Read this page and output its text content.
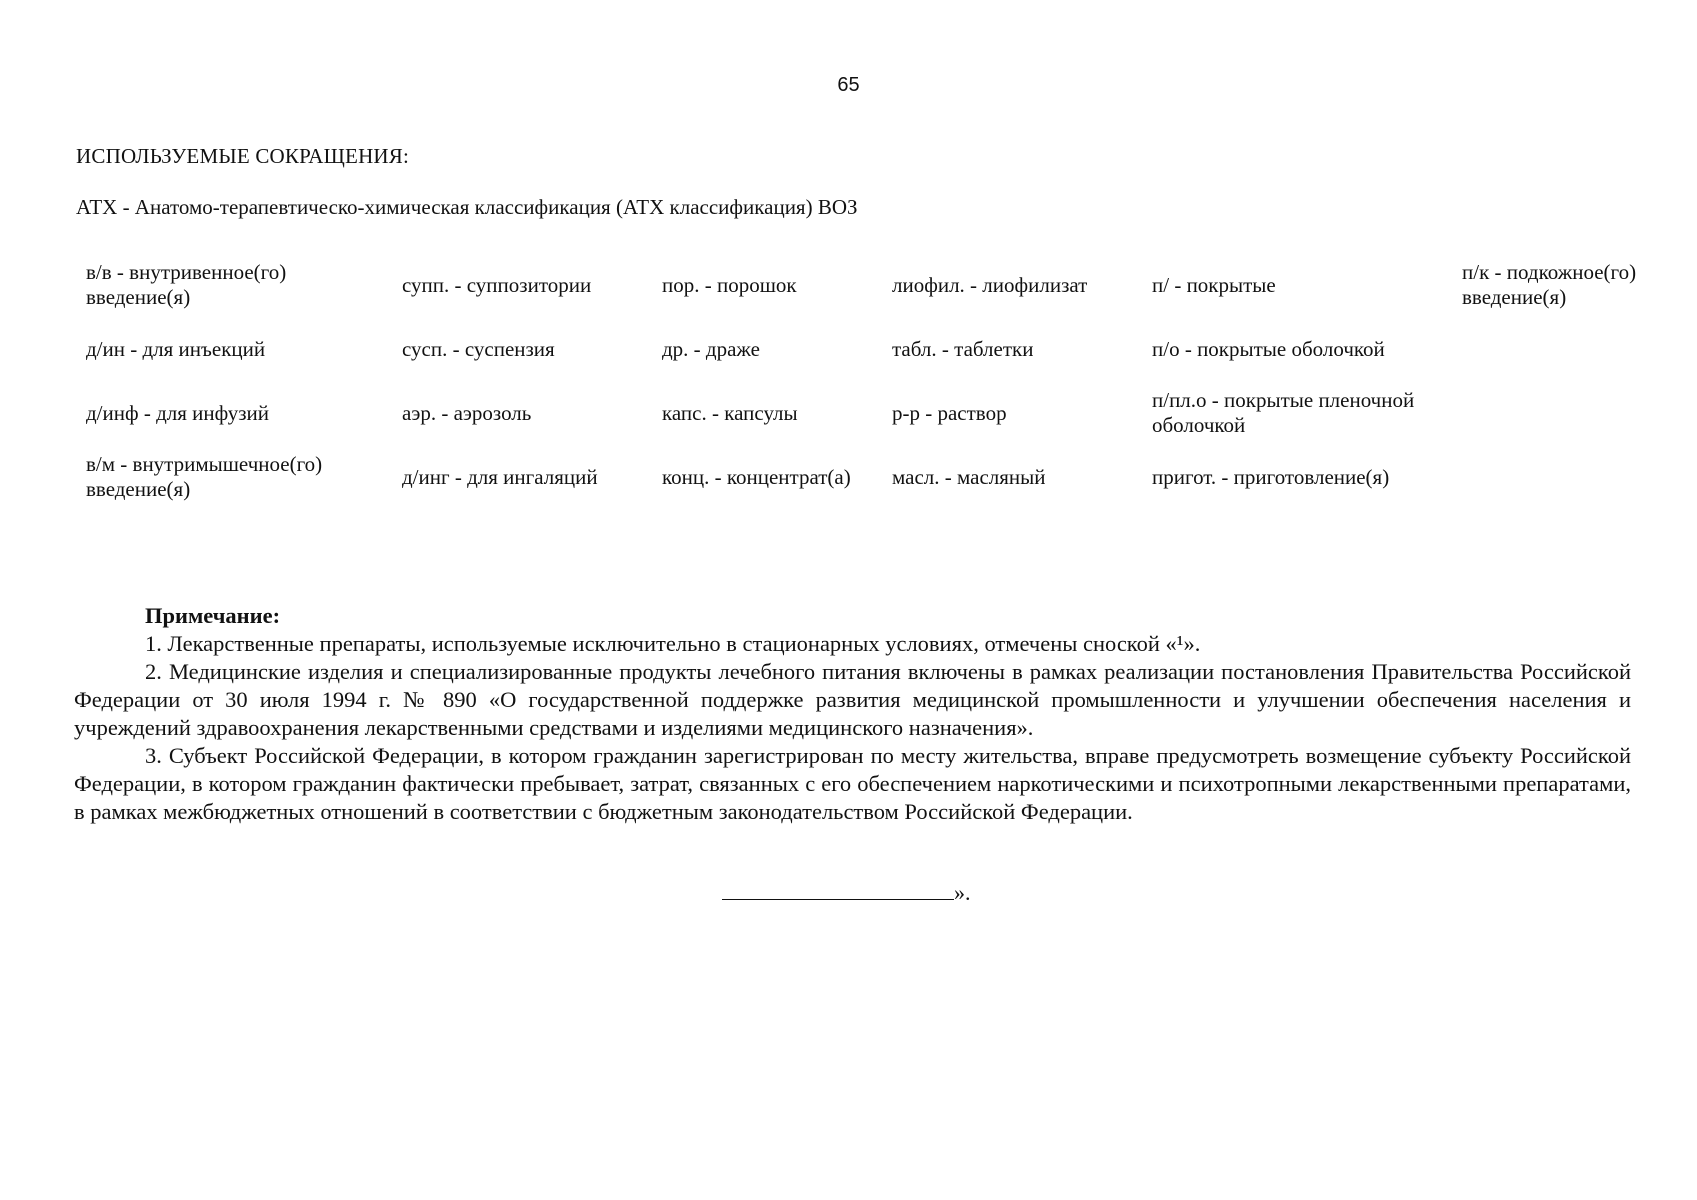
65
ИСПОЛЬЗУЕМЫЕ СОКРАЩЕНИЯ:
АТХ - Анатомо-терапевтическо-химическая классификация (АТХ классификация) ВОЗ
в/в - внутривенное(го) введение(я)	супп. - суппозитории	пор. - порошок	лиофил. - лиофилизат	п/ - покрытые	п/к - подкожное(го) введение(я)
д/ин - для инъекций	сусп. - суспензия	др. - драже	табл. - таблетки	п/о - покрытые оболочкой	
д/инф - для инфузий	аэр. - аэрозоль	капс. - капсулы	р-р - раствор	п/пл.о - покрытые пленочной оболочкой	
в/м - внутримышечное(го) введение(я)	д/инг - для ингаляций	конц. - концентрат(а)	масл. - масляный	пригот. - приготовление(я)	
Примечание:

1. Лекарственные препараты, используемые исключительно в стационарных условиях, отмечены сноской «¹».

2. Медицинские изделия и специализированные продукты лечебного питания включены в рамках реализации постановления Правительства Российской Федерации от 30 июля 1994 г. № 890 «О государственной поддержке развития медицинской промышленности и улучшении обеспечения населения и учреждений здравоохранения лекарственными средствами и изделиями медицинского назначения».

3. Субъект Российской Федерации, в котором гражданин зарегистрирован по месту жительства, вправе предусмотреть возмещение субъекту Российской Федерации, в котором гражданин фактически пребывает, затрат, связанных с его обеспечением наркотическими и психотропными лекарственными препаратами, в рамках межбюджетных отношений в соответствии с бюджетным законодательством Российской Федерации.

».
